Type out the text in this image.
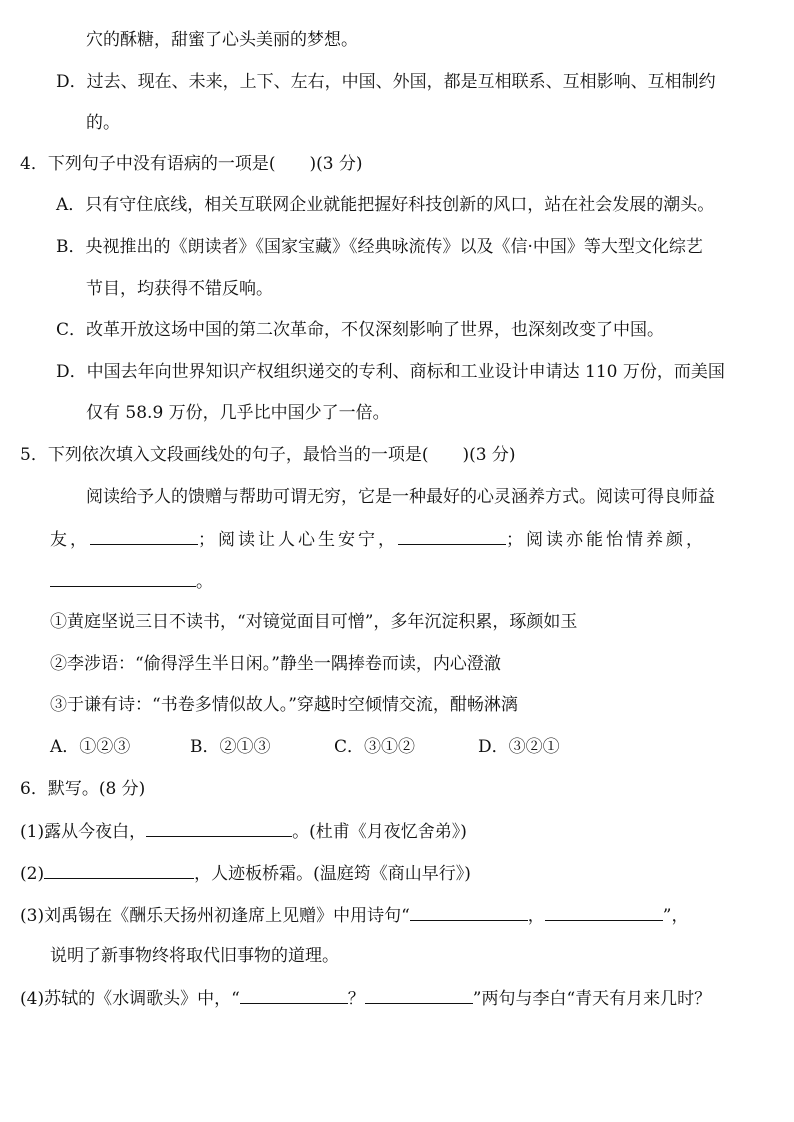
穴的酥糖，甜蜜了心头美丽的梦想。
D．过去、现在、未来，上下、左右，中国、外国，都是互相联系、互相影响、互相制约
的。
4．下列句子中没有语病的一项是(　　)(3 分)
A．只有守住底线，相关互联网企业就能把握好科技创新的风口，站在社会发展的潮头。
B．央视推出的《朗读者》《国家宝藏》《经典咏流传》以及《信·中国》等大型文化综艺
节目，均获得不错反响。
C．改革开放这场中国的第二次革命，不仅深刻影响了世界，也深刻改变了中国。
D．中国去年向世界知识产权组织递交的专利、商标和工业设计申请达 110 万份，而美国
仅有 58.9 万份，几乎比中国少了一倍。
5．下列依次填入文段画线处的句子，最恰当的一项是(　　)(3 分)
阅读给予人的馈赠与帮助可谓无穷，它是一种最好的心灵涵养方式。阅读可得良师益
友，	；阅读让人心生安宁，	；阅读亦能怡情养颜，
。
①黄庭坚说三日不读书，“对镜觉面目可憎”，多年沉淀积累，琢颜如玉
②李涉语：“偷得浮生半日闲。”静坐一隅捧卷而读，内心澄澈
③于谦有诗：“书卷多情似故人。”穿越时空倾情交流，酣畅淋漓
A．①②③	B．②①③	C．③①②	D．③②①
6．默写。(8 分)
(1)露从今夜白，	。(杜甫《月夜忆舍弟》)
(2)	，人迹板桥霜。(温庭筠《商山早行》)
(3)刘禹锡在《酬乐天扬州初逢席上见赠》中用诗句“	，	”，
说明了新事物终将取代旧事物的道理。
(4)苏轼的《水调歌头》中，“	？	”两句与李白“青天有月来几时？
